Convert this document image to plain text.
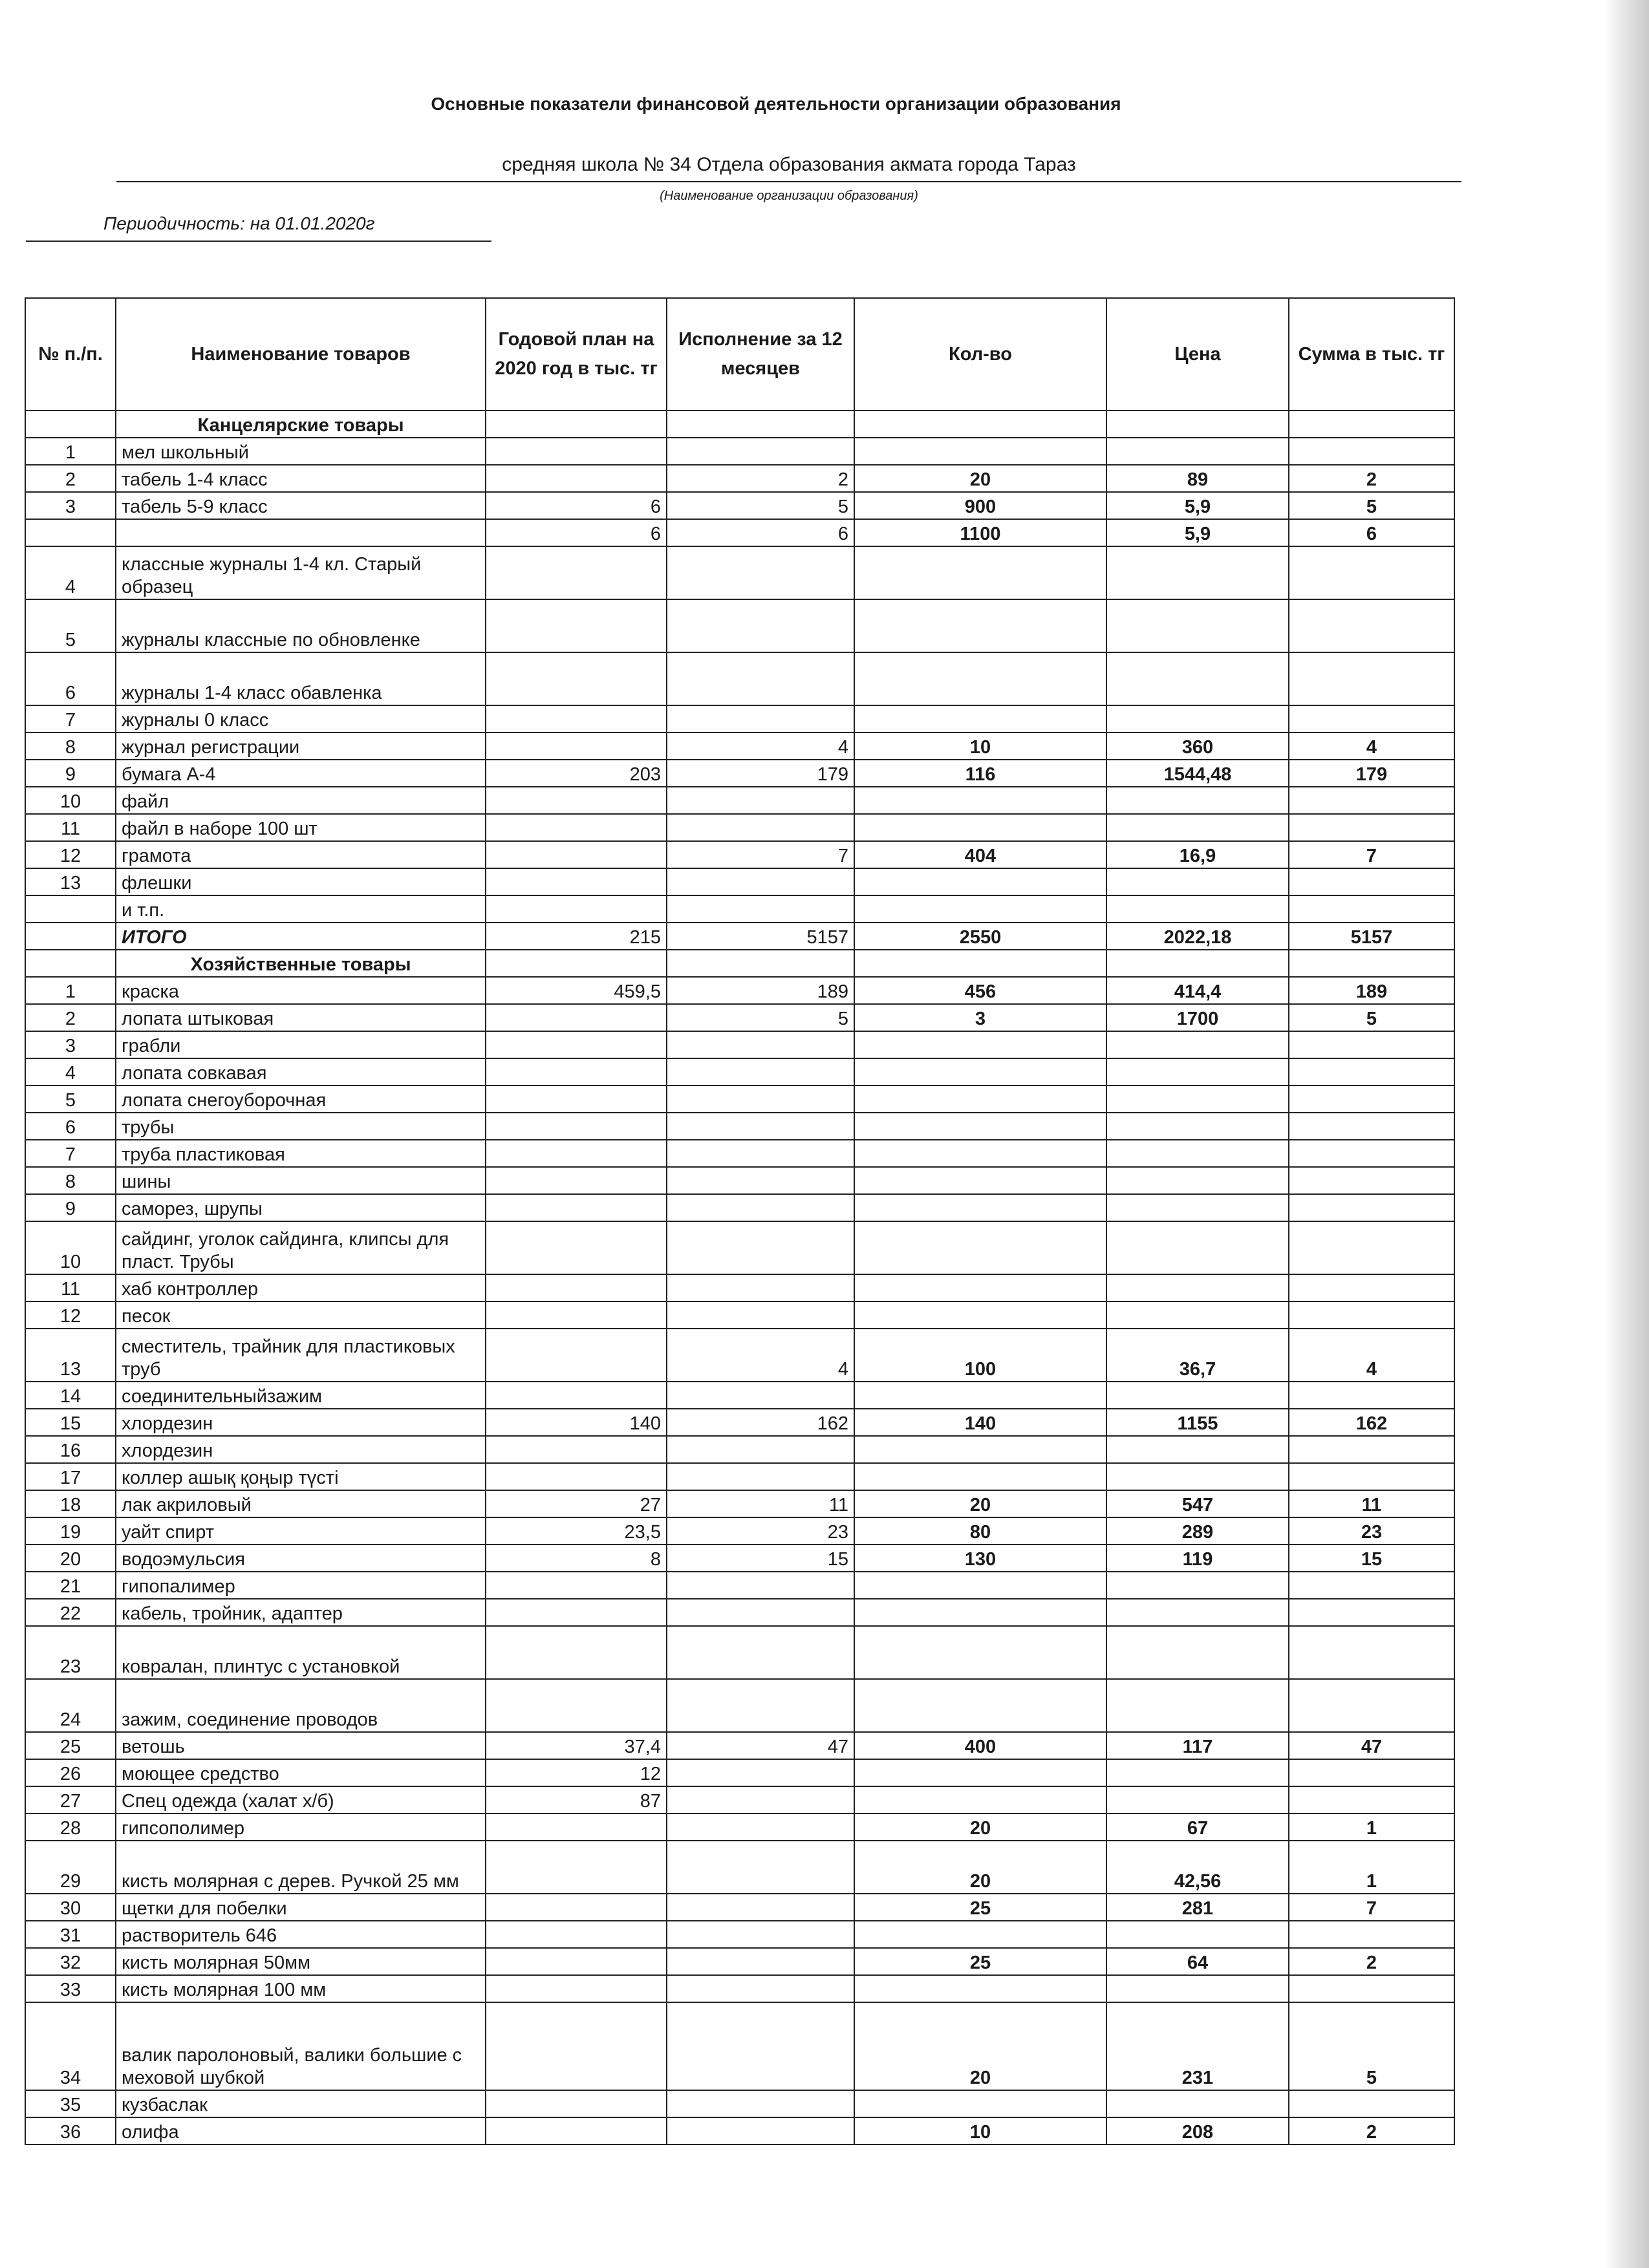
Основные показатели финансовой деятельности организации образования
средняя школа № 34 Отдела образования акмата города Тараз
(Наименование организации образования)
Периодичность: на 01.01.2020г
№ п./п.	Наименование товаров	Годовой план на 2020 год в тыс. тг	Исполнение за 12 месяцев	Кол-во	Цена	Сумма в тыс. тг
	Канцелярские товары					
1	мел школьный					
2	табель 1-4 класс		2	20	89	2
3	табель 5-9 класс	6	5	900	5,9	5
		6	6	1100	5,9	6
4	классные журналы 1-4 кл. Старый образец					
5	журналы классные по обновленке					
6	журналы 1-4 класс обавленка					
7	журналы 0 класс					
8	журнал регистрации		4	10	360	4
9	бумага А-4	203	179	116	1544,48	179
10	файл					
11	файл в наборе 100 шт					
12	грамота		7	404	16,9	7
13	флешки					
	и т.п.					
	ИТОГО	215	5157	2550	2022,18	5157
	Хозяйственные товары					
1	краска	459,5	189	456	414,4	189
2	лопата штыковая		5	3	1700	5
3	грабли					
4	лопата совкавая					
5	лопата снегоуборочная					
6	трубы					
7	труба пластиковая					
8	шины					
9	саморез, шрупы					
10	сайдинг, уголок сайдинга, клипсы для пласт. Трубы					
11	хаб контроллер					
12	песок					
13	сместитель, трайник для пластиковых труб		4	100	36,7	4
14	соединительныйзажим					
15	хлордезин	140	162	140	1155	162
16	хлордезин					
17	коллер ашық қоңыр түсті					
18	лак акриловый	27	11	20	547	11
19	уайт спирт	23,5	23	80	289	23
20	водоэмульсия	8	15	130	119	15
21	гипопалимер					
22	кабель, тройник, адаптер					
23	ковралан, плинтус с установкой					
24	зажим, соединение проводов					
25	ветошь	37,4	47	400	117	47
26	моющее средство	12				
27	Спец одежда (халат х/б)	87				
28	гипсополимер			20	67	1
29	кисть молярная с дерев. Ручкой 25 мм			20	42,56	1
30	щетки для побелки			25	281	7
31	растворитель 646					
32	кисть молярная 50мм			25	64	2
33	кисть молярная 100 мм					
34	валик паролоновый, валики большие с меховой шубкой			20	231	5
35	кузбаслак					
36	олифа			10	208	2
